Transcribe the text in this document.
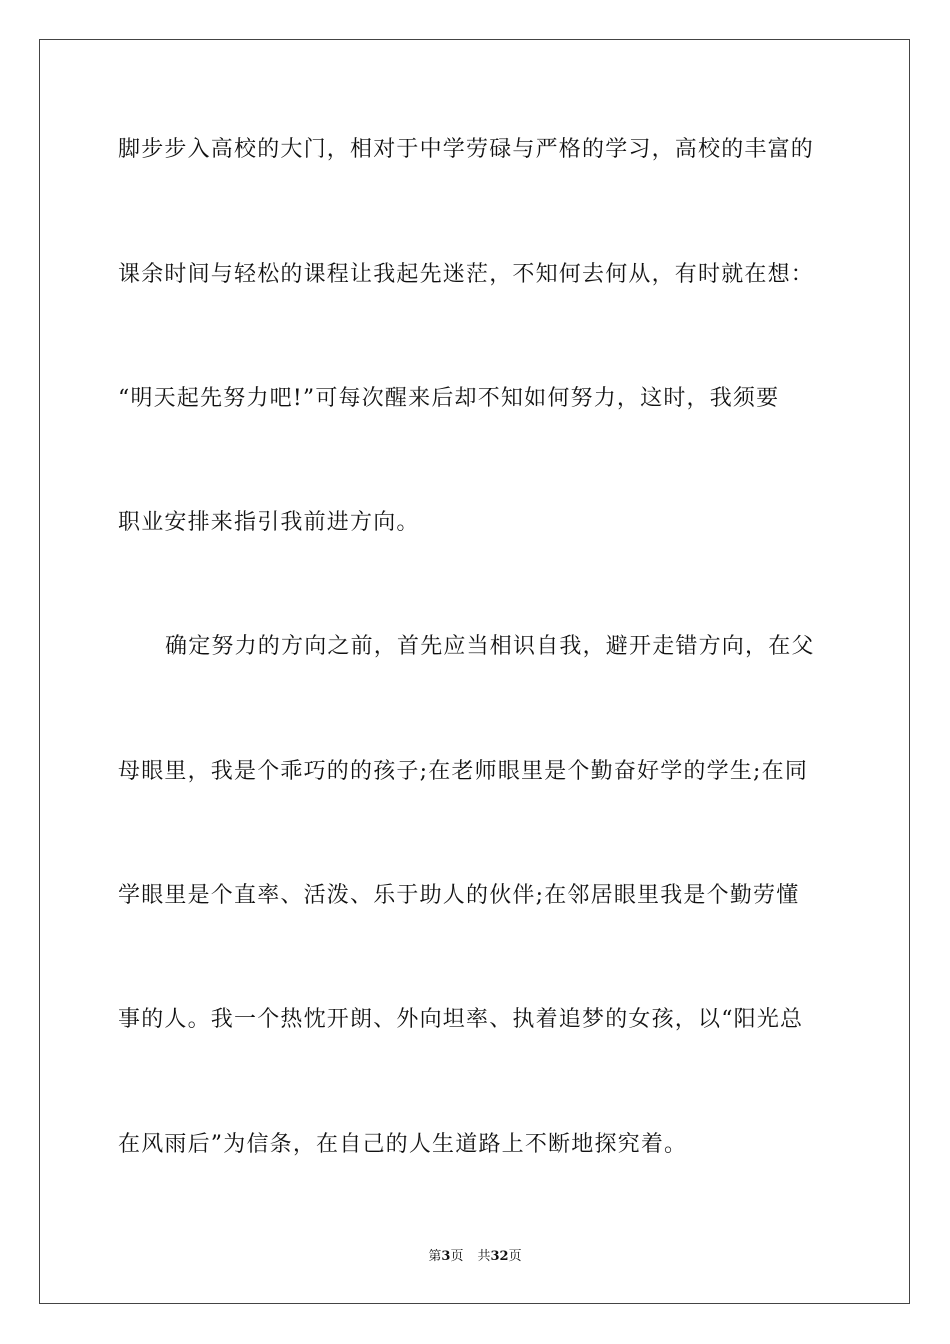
脚步步入高校的大门，相对于中学劳碌与严格的学习，高校的丰富的
课余时间与轻松的课程让我起先迷茫，不知何去何从，有时就在想：
“明天起先努力吧!”可每次醒来后却不知如何努力，这时，我须要
职业安排来指引我前进方向。
确定努力的方向之前，首先应当相识自我，避开走错方向，在父
母眼里，我是个乖巧的的孩子;在老师眼里是个勤奋好学的学生;在同
学眼里是个直率、活泼、乐于助人的伙伴;在邻居眼里我是个勤劳懂
事的人。我一个热忱开朗、外向坦率、执着追梦的女孩，以“阳光总
在风雨后”为信条，在自己的人生道路上不断地探究着。
第3页 共32页
